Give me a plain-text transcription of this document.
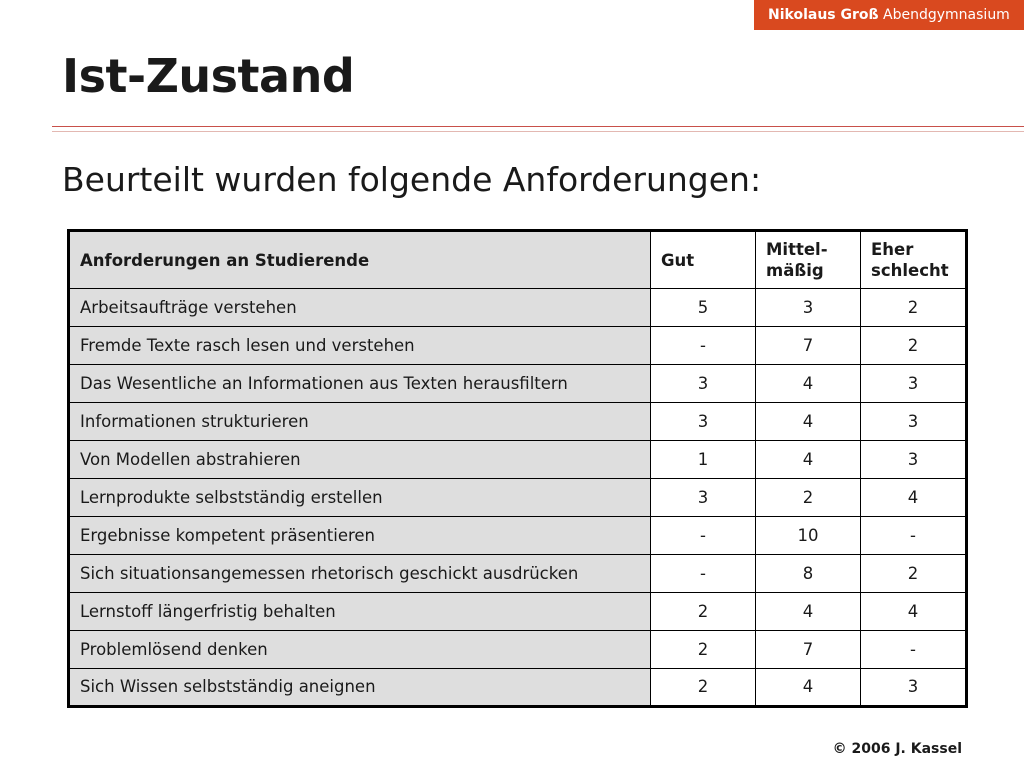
Nikolaus Groß Abendgymnasium
Ist-Zustand
Beurteilt wurden folgende Anforderungen:
Anforderungen an Studierende	Gut	Mittel-
mäßig	Eher
schlecht
Arbeitsaufträge verstehen	5	3	2
Fremde Texte rasch lesen und verstehen	-	7	2
Das Wesentliche an Informationen aus Texten herausfiltern	3	4	3
Informationen strukturieren	3	4	3
Von Modellen abstrahieren	1	4	3
Lernprodukte selbstständig erstellen	3	2	4
Ergebnisse kompetent präsentieren	-	10	-
Sich situationsangemessen rhetorisch geschickt ausdrücken	-	8	2
Lernstoff längerfristig behalten	2	4	4
Problemlösend denken	2	7	-
Sich Wissen selbstständig aneignen	2	4	3
© 2006 J. Kassel
